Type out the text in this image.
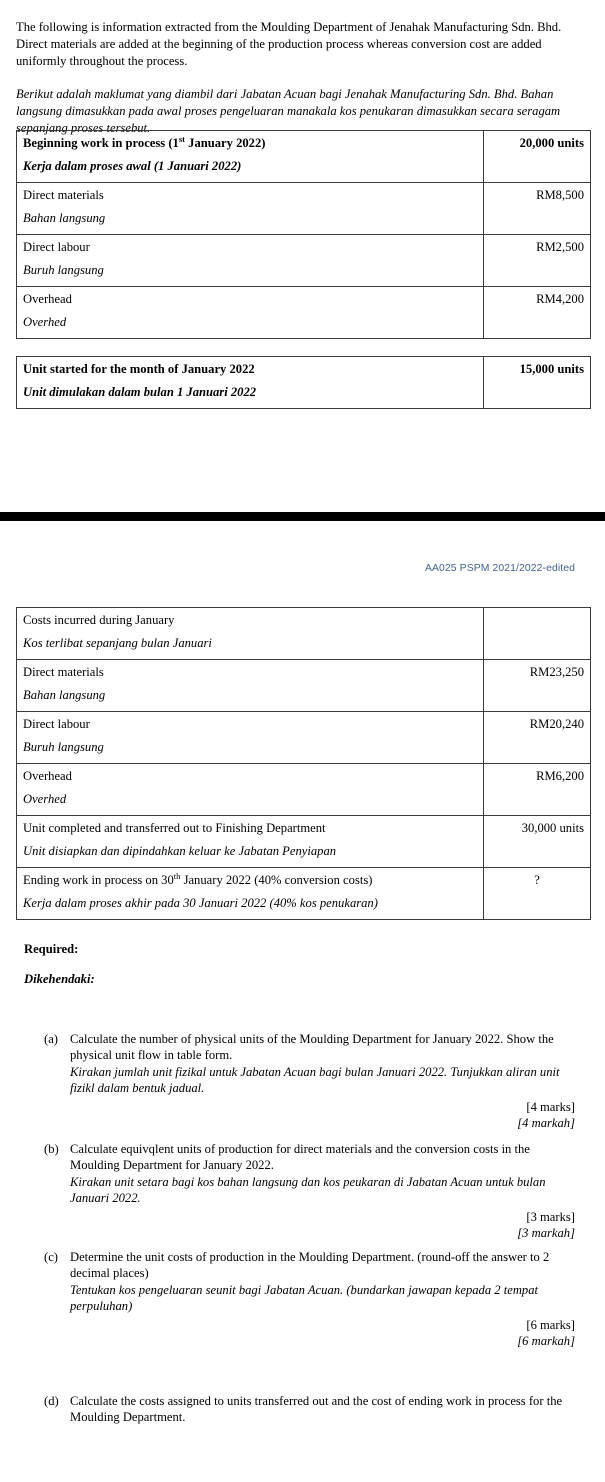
The following is information extracted from the Moulding Department of Jenahak Manufacturing Sdn. Bhd. Direct materials are added at the beginning of the production process whereas conversion cost are added uniformly throughout the process.

Berikut adalah maklumat yang diambil dari Jabatan Acuan bagi Jenahak Manufacturing Sdn. Bhd. Bahan langsung dimasukkan pada awal proses pengeluaran manakala kos penukaran dimasukkan secara seragam sepanjang proses tersebut.

Beginning work in process (1st January 2022)
Kerja dalam proses awal (1 Januari 2022)	20,000 units

Direct materials
Bahan langsung	RM8,500

Direct labour
Buruh langsung	RM2,500

Overhead
Overhed	RM4,200
Unit started for the month of January 2022
Unit dimulakan dalam bulan 1 Januari 2022
	15,000 units
AA025 PSPM 2021/2022-edited
Costs incurred during January
Kos terlibat sepanjang bulan Januari	

Direct materials
Bahan langsung	RM23,250

Direct labour
Buruh langsung	RM20,240

Overhead
Overhed	RM6,200

Unit completed and transferred out to Finishing Department
Unit disiapkan dan dipindahkan keluar ke Jabatan Penyiapan	30,000 units

Ending work in process on 30th January 2022 (40% conversion costs)
Kerja dalam proses akhir pada 30 Januari 2022 (40% kos penukaran)	?
Required:
Dikehendaki:
(a) Calculate the number of physical units of the Moulding Department for January 2022. Show the physical unit flow in table form.
Kirakan jumlah unit fizikal untuk Jabatan Acuan bagi bulan Januari 2022. Tunjukkan aliran unit fizikl dalam bentuk jadual.
[4 marks]
[4 markah]
(b) Calculate equivqlent units of production for direct materials and the conversion costs in the Moulding Department for January 2022.
Kirakan unit setara bagi kos bahan langsung dan kos peukaran di Jabatan Acuan untuk bulan Januari 2022.
[3 marks]
[3 markah]
(c) Determine the unit costs of production in the Moulding Department. (round-off the answer to 2 decimal places)
Tentukan kos pengeluaran seunit bagi Jabatan Acuan. (bundarkan jawapan kepada 2 tempat perpuluhan)
[6 marks]
[6 markah]
(d) Calculate the costs assigned to units transferred out and the cost of ending work in process for the Moulding Department.
